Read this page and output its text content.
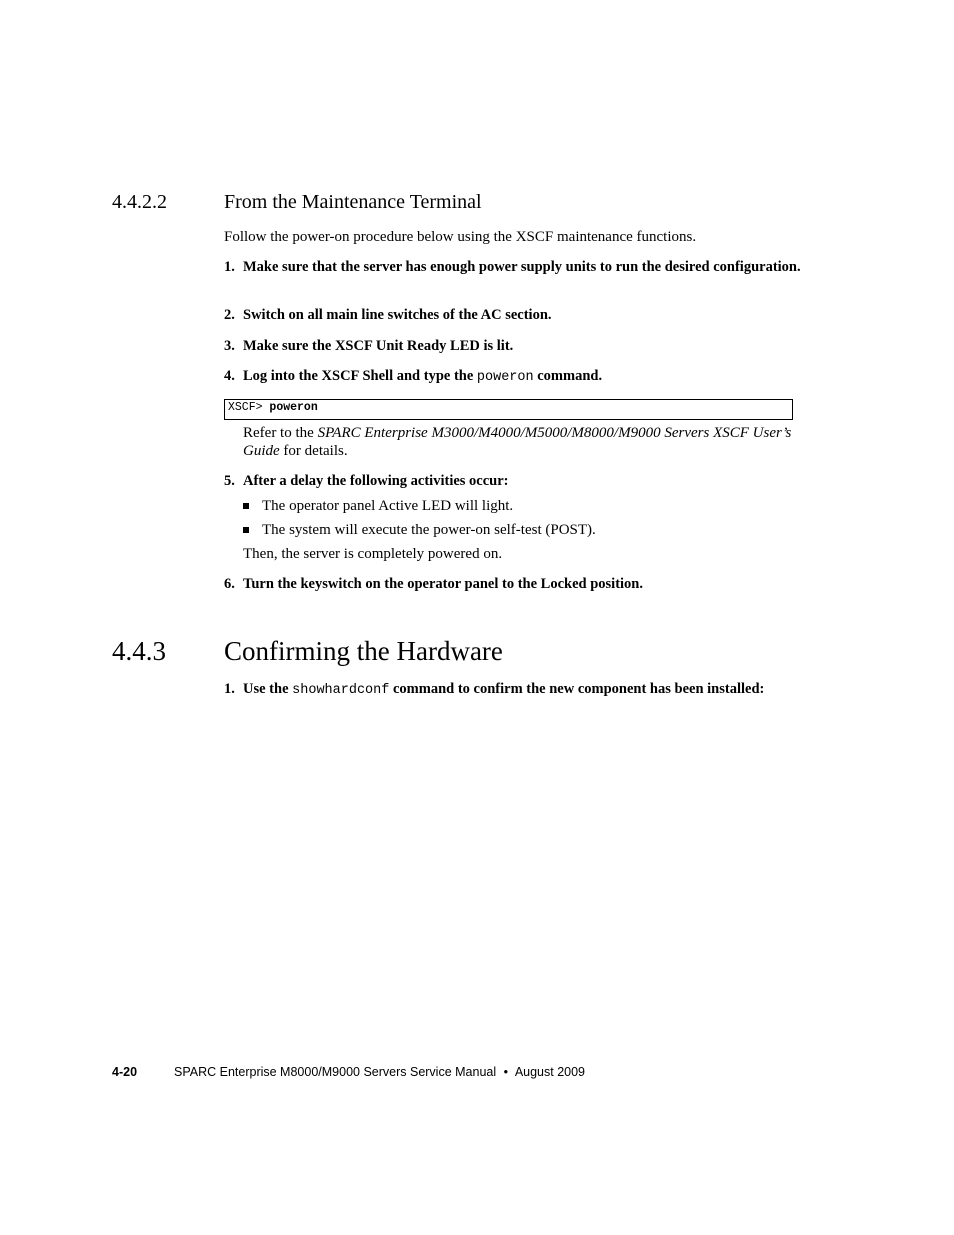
4.4.2.2	From the Maintenance Terminal
Follow the power-on procedure below using the XSCF maintenance functions.
1. Make sure that the server has enough power supply units to run the desired configuration.
2. Switch on all main line switches of the AC section.
3. Make sure the XSCF Unit Ready LED is lit.
4. Log into the XSCF Shell and type the poweron command.
XSCF> poweron
Refer to the SPARC Enterprise M3000/M4000/M5000/M8000/M9000 Servers XSCF User’s Guide for details.
5. After a delay the following activities occur:
The operator panel Active LED will light.
The system will execute the power-on self-test (POST).
Then, the server is completely powered on.
6. Turn the keyswitch on the operator panel to the Locked position.
4.4.3 Confirming the Hardware
1. Use the showhardconf command to confirm the new component has been installed:
4-20	SPARC Enterprise M8000/M9000 Servers Service Manual • August 2009
